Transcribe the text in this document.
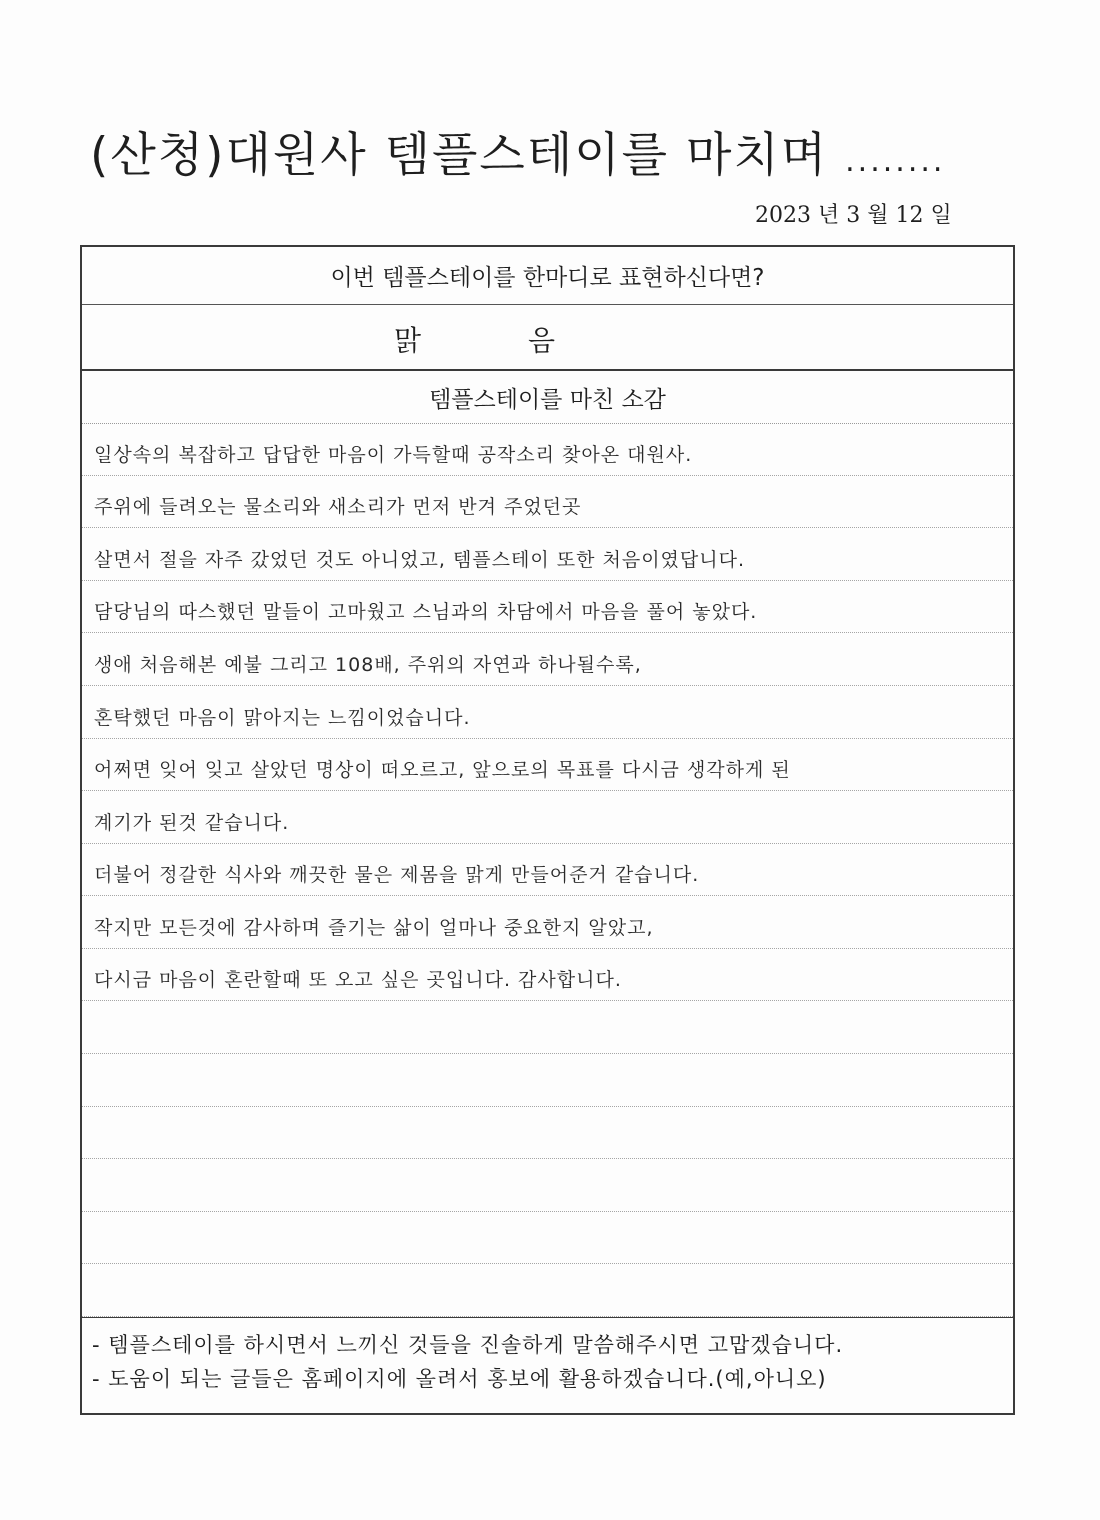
(산청)대원사 템플스테이를 마치며 ........
2023 년 3 월 12 일
이번 템플스테이를 한마디로 표현하신다면?
맑	음
템플스테이를 마친 소감
일상속의 복잡하고 답답한 마음이 가득할때 공작소리 찾아온 대원사.
주위에 들려오는 물소리와 새소리가 먼저 반겨 주었던곳
살면서 절을 자주 갔었던 것도 아니었고, 템플스테이 또한 처음이였답니다.
담당님의 따스했던 말들이 고마웠고 스님과의 차담에서 마음을 풀어 놓았다.
생애 처음해본 예불 그리고 108배, 주위의 자연과 하나될수록,
혼탁했던 마음이 맑아지는 느낌이었습니다.
어쩌면 잊어 잊고 살았던 명상이 떠오르고, 앞으로의 목표를 다시금 생각하게 된
계기가 된것 같습니다.
더불어 정갈한 식사와 깨끗한 물은 제몸을 맑게 만들어준거 같습니다.
작지만 모든것에 감사하며 즐기는 삶이 얼마나 중요한지 알았고,
다시금 마음이 혼란할때 또 오고 싶은 곳입니다. 감사합니다.
- 템플스테이를 하시면서 느끼신 것들을 진솔하게 말씀해주시면 고맙겠습니다.
- 도움이 되는 글들은 홈페이지에 올려서 홍보에 활용하겠습니다.(예,아니오)
